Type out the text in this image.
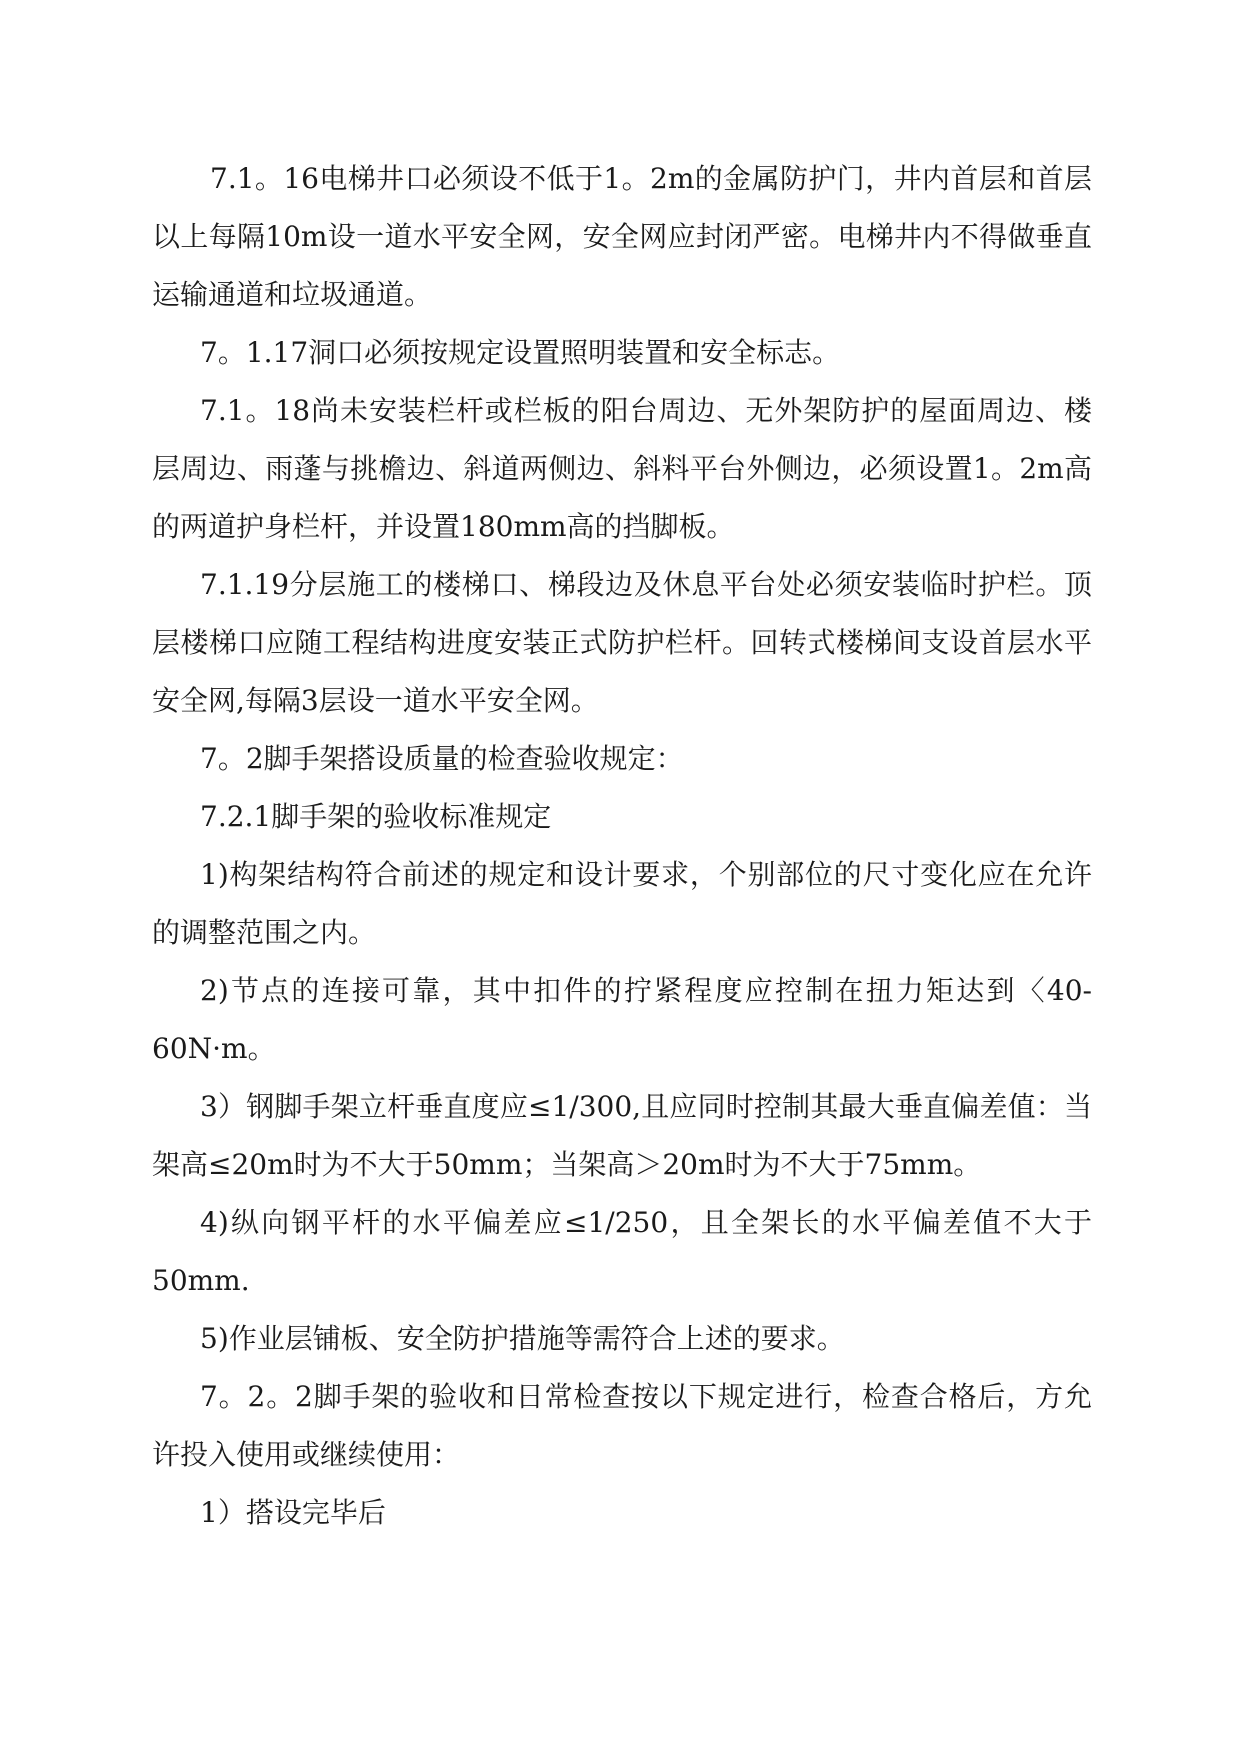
7.1。16电梯井口必须设不低于1。2m的金属防护门，井内首层和首层以上每隔10m设一道水平安全网，安全网应封闭严密。电梯井内不得做垂直运输通道和垃圾通道。

7。1.17洞口必须按规定设置照明装置和安全标志。

7.1。18尚未安装栏杆或栏板的阳台周边、无外架防护的屋面周边、楼层周边、雨蓬与挑檐边、斜道两侧边、斜料平台外侧边，必须设置1。2m高的两道护身栏杆，并设置180mm高的挡脚板。

7.1.19分层施工的楼梯口、梯段边及休息平台处必须安装临时护栏。顶层楼梯口应随工程结构进度安装正式防护栏杆。回转式楼梯间支设首层水平安全网,每隔3层设一道水平安全网。

7。2脚手架搭设质量的检查验收规定：

7.2.1脚手架的验收标准规定

1)构架结构符合前述的规定和设计要求，个别部位的尺寸变化应在允许的调整范围之内。

2)节点的连接可靠，其中扣件的拧紧程度应控制在扭力矩达到〈40-60N·m。

3）钢脚手架立杆垂直度应≤1/300,且应同时控制其最大垂直偏差值：当架高≤20m时为不大于50mm；当架高＞20m时为不大于75mm。

4)纵向钢平杆的水平偏差应≤1/250，且全架长的水平偏差值不大于50mm.

5)作业层铺板、安全防护措施等需符合上述的要求。

7。2。2脚手架的验收和日常检查按以下规定进行，检查合格后，方允许投入使用或继续使用：

1）搭设完毕后
